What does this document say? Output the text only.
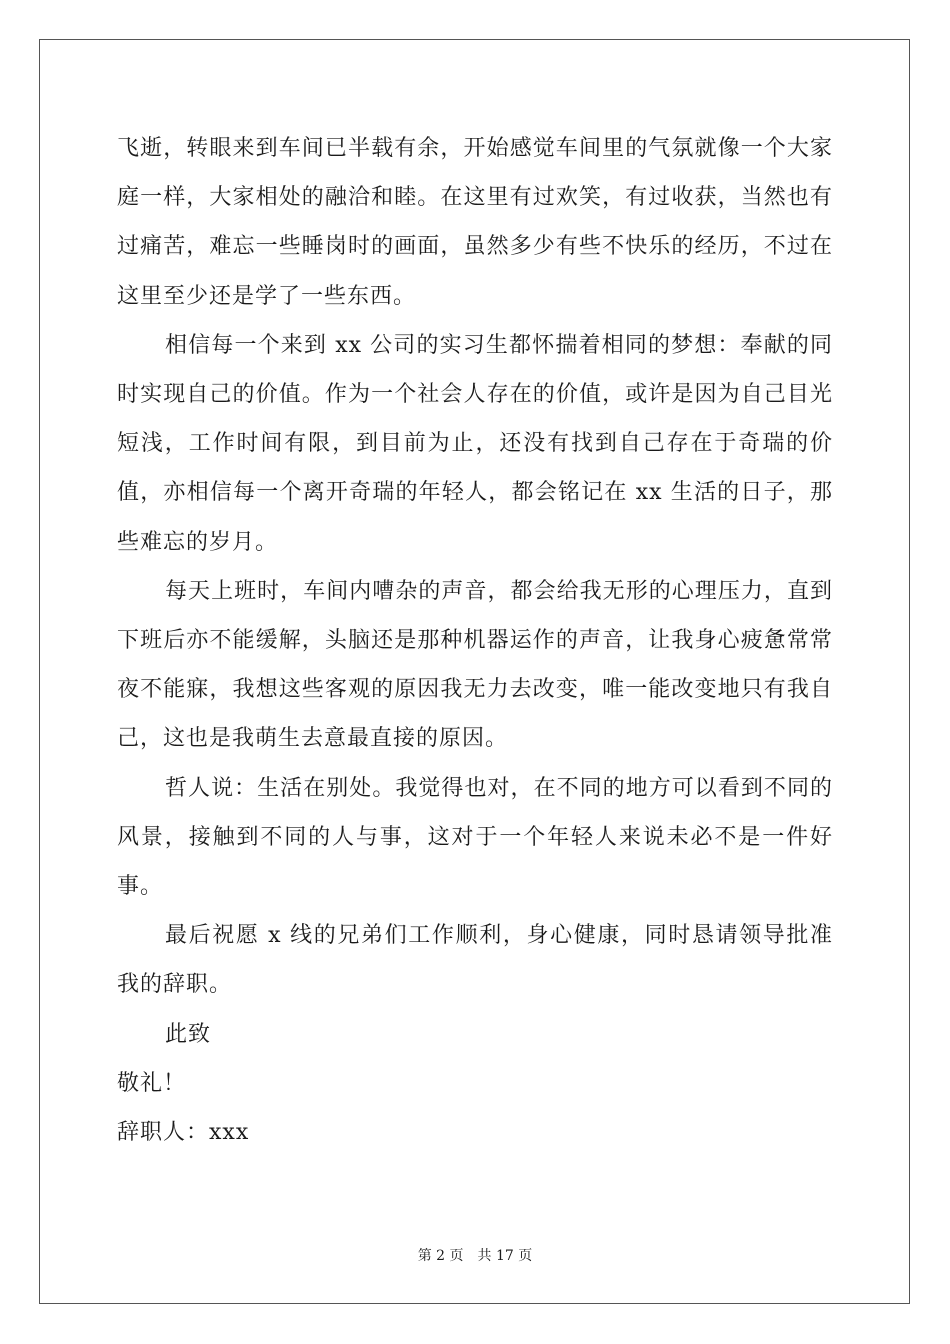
飞逝，转眼来到车间已半载有余，开始感觉车间里的气氛就像一个大家庭一样，大家相处的融洽和睦。在这里有过欢笑，有过收获，当然也有过痛苦，难忘一些睡岗时的画面，虽然多少有些不快乐的经历，不过在这里至少还是学了一些东西。

相信每一个来到 xx 公司的实习生都怀揣着相同的梦想：奉献的同时实现自己的价值。作为一个社会人存在的价值，或许是因为自己目光短浅，工作时间有限，到目前为止，还没有找到自己存在于奇瑞的价值，亦相信每一个离开奇瑞的年轻人，都会铭记在 xx 生活的日子，那些难忘的岁月。

每天上班时，车间内嘈杂的声音，都会给我无形的心理压力，直到下班后亦不能缓解，头脑还是那种机器运作的声音，让我身心疲惫常常夜不能寐，我想这些客观的原因我无力去改变，唯一能改变地只有我自己，这也是我萌生去意最直接的原因。

哲人说：生活在别处。我觉得也对，在不同的地方可以看到不同的风景，接触到不同的人与事，这对于一个年轻人来说未必不是一件好事。

最后祝愿 x 线的兄弟们工作顺利，身心健康，同时恳请领导批准我的辞职。

此致

敬礼！

辞职人：xxx

第 2 页　共 17 页
